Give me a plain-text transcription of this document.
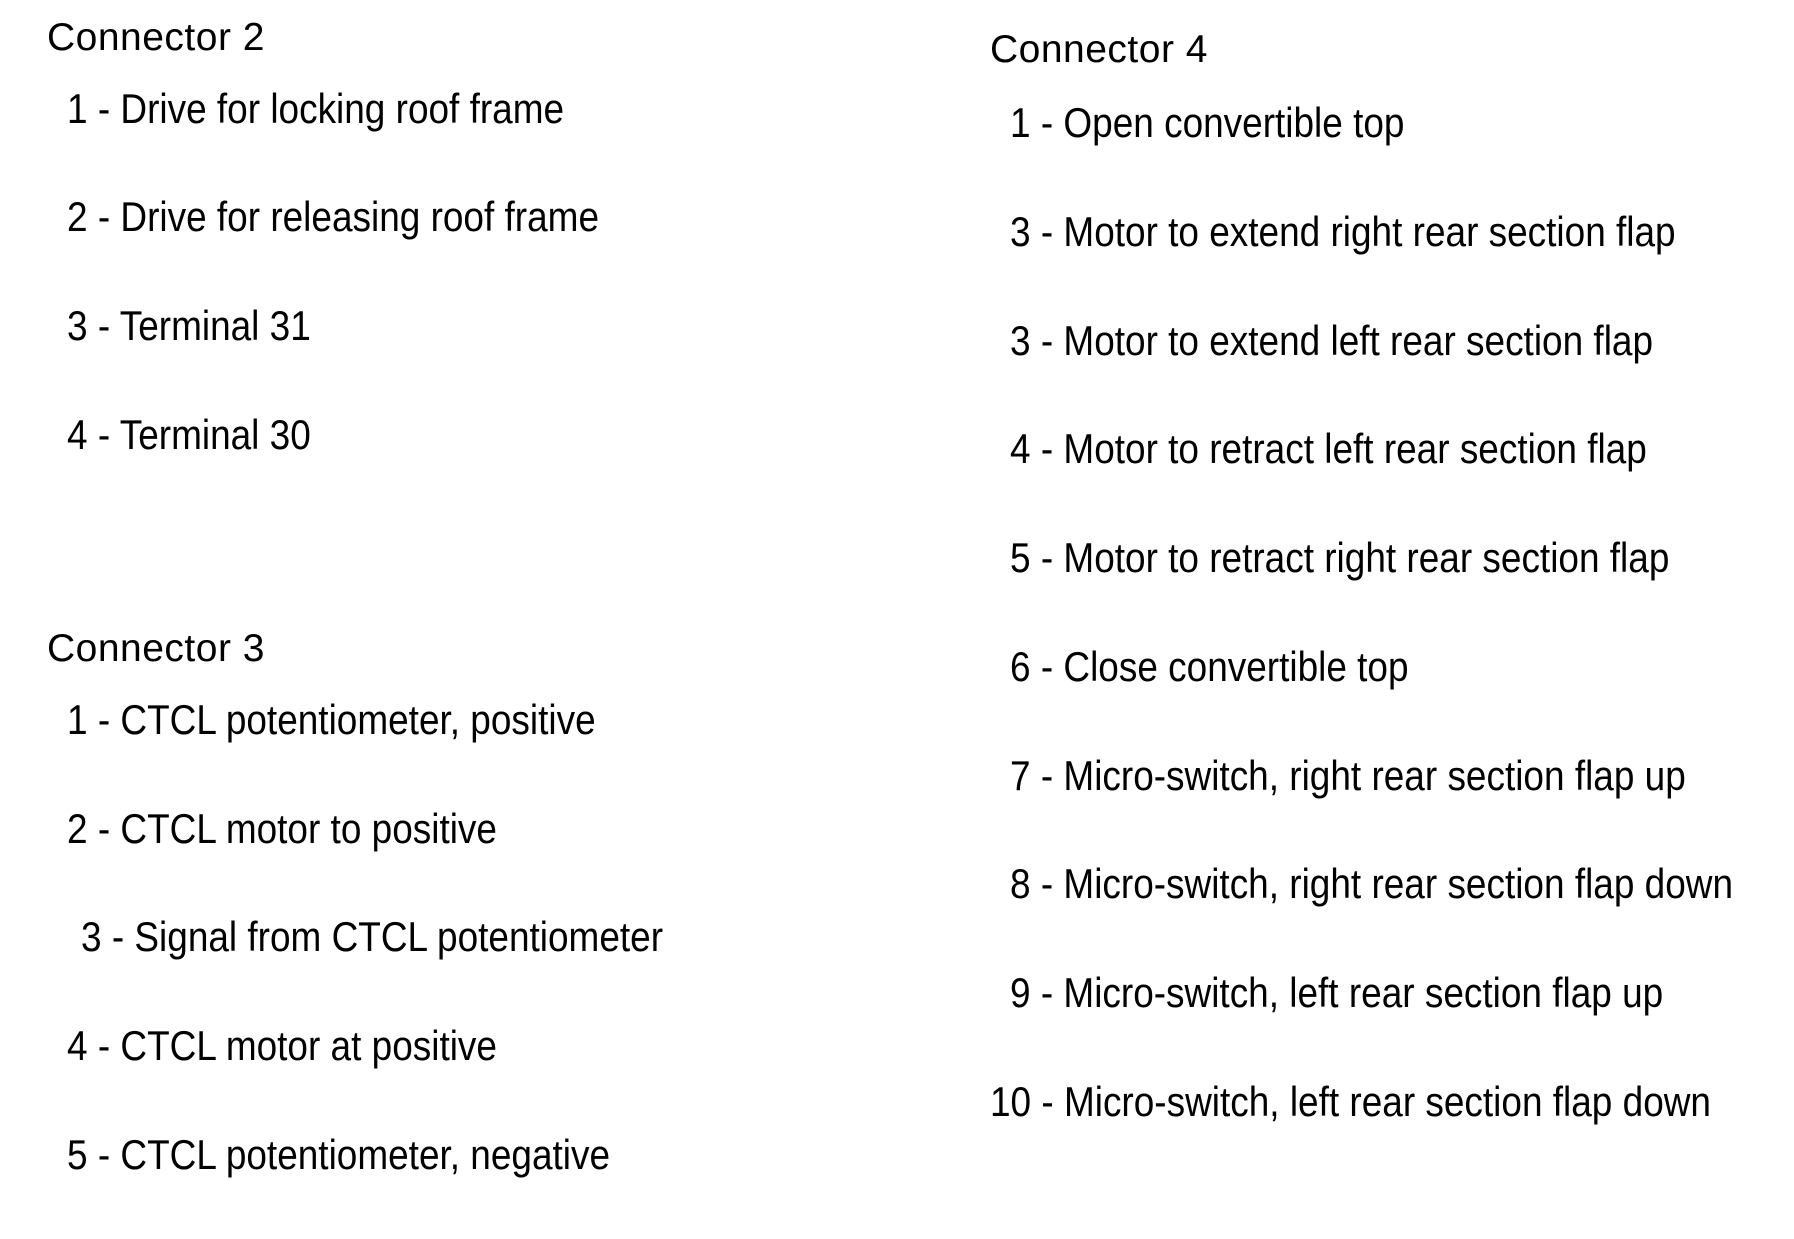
Connector 2
1 - Drive for locking roof frame
2 - Drive for releasing roof frame
3 - Terminal 31
4 - Terminal 30
Connector 3
1 - CTCL potentiometer, positive
2 - CTCL motor to positive
3 - Signal from CTCL potentiometer
4 - CTCL motor at positive
5 - CTCL potentiometer, negative
Connector 4
1 - Open convertible top
3 - Motor to extend right rear section flap
3 - Motor to extend left rear section flap
4 - Motor to retract left rear section flap
5 - Motor to retract right rear section flap
6 - Close convertible top
7 - Micro-switch, right rear section flap up
8 - Micro-switch, right rear section flap down
9 - Micro-switch, left rear section flap up
10 - Micro-switch, left rear section flap down
